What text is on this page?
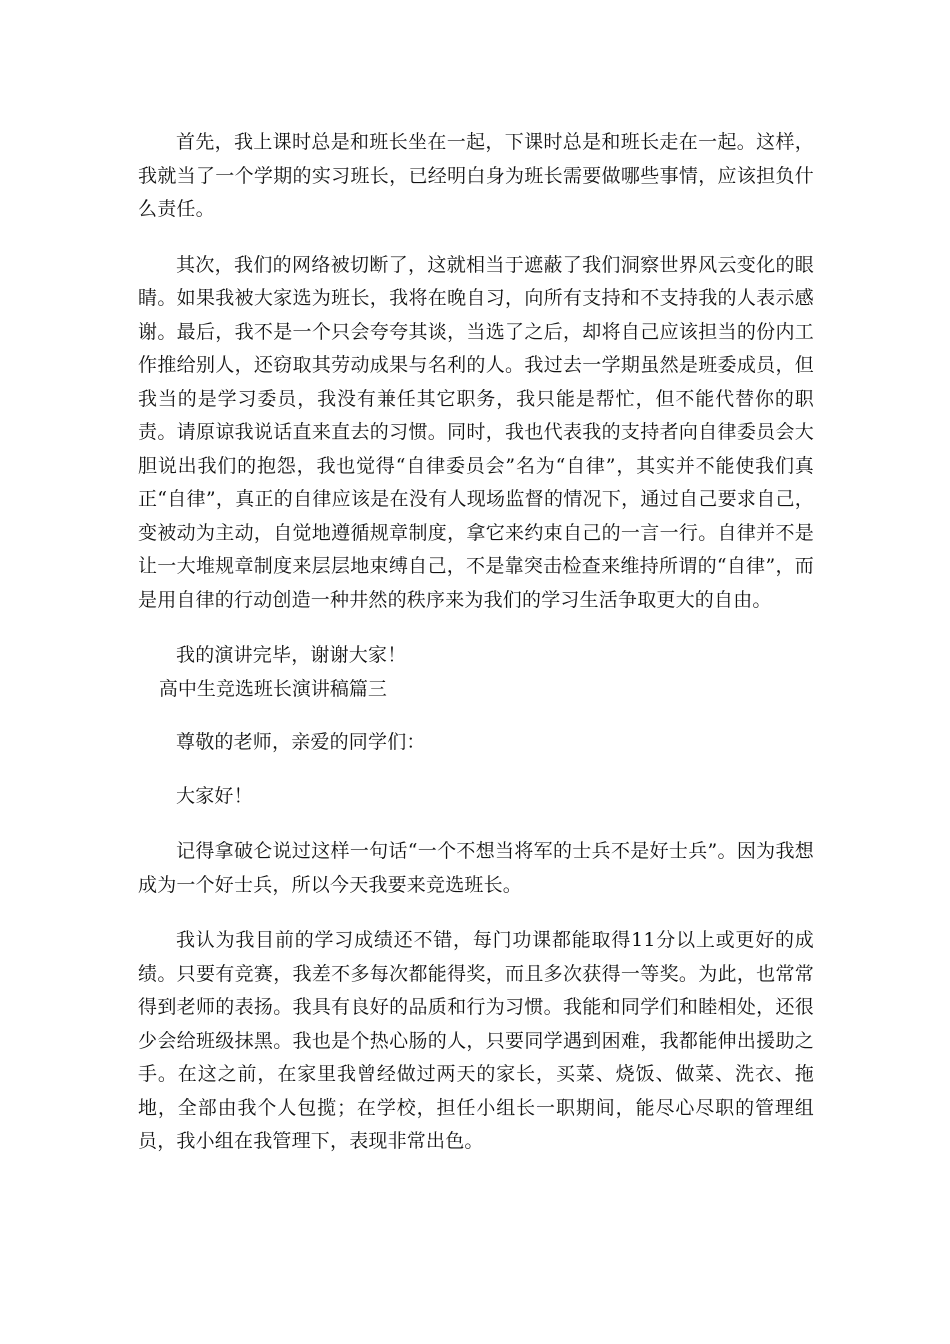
首先，我上课时总是和班长坐在一起，下课时总是和班长走在一起。这样，我就当了一个学期的实习班长，已经明白身为班长需要做哪些事情，应该担负什么责任。

其次，我们的网络被切断了，这就相当于遮蔽了我们洞察世界风云变化的眼睛。如果我被大家选为班长，我将在晚自习，向所有支持和不支持我的人表示感谢。最后，我不是一个只会夸夸其谈，当选了之后，却将自己应该担当的份内工作推给别人，还窃取其劳动成果与名利的人。我过去一学期虽然是班委成员，但我当的是学习委员，我没有兼任其它职务，我只能是帮忙，但不能代替你的职责。请原谅我说话直来直去的习惯。同时，我也代表我的支持者向自律委员会大胆说出我们的抱怨，我也觉得“自律委员会”名为“自律”，其实并不能使我们真正“自律”，真正的自律应该是在没有人现场监督的情况下，通过自己要求自己，变被动为主动，自觉地遵循规章制度，拿它来约束自己的一言一行。自律并不是让一大堆规章制度来层层地束缚自己，不是靠突击检查来维持所谓的“自律”，而是用自律的行动创造一种井然的秩序来为我们的学习生活争取更大的自由。

我的演讲完毕，谢谢大家！

高中生竞选班长演讲稿篇三

尊敬的老师，亲爱的同学们：

大家好！

记得拿破仑说过这样一句话“一个不想当将军的士兵不是好士兵”。因为我想成为一个好士兵，所以今天我要来竞选班长。

我认为我目前的学习成绩还不错，每门功课都能取得11分以上或更好的成绩。只要有竞赛，我差不多每次都能得奖，而且多次获得一等奖。为此，也常常得到老师的表扬。我具有良好的品质和行为习惯。我能和同学们和睦相处，还很少会给班级抹黑。我也是个热心肠的人，只要同学遇到困难，我都能伸出援助之手。在这之前，在家里我曾经做过两天的家长，买菜、烧饭、做菜、洗衣、拖地，全部由我个人包揽；在学校，担任小组长一职期间，能尽心尽职的管理组员，我小组在我管理下，表现非常出色。
